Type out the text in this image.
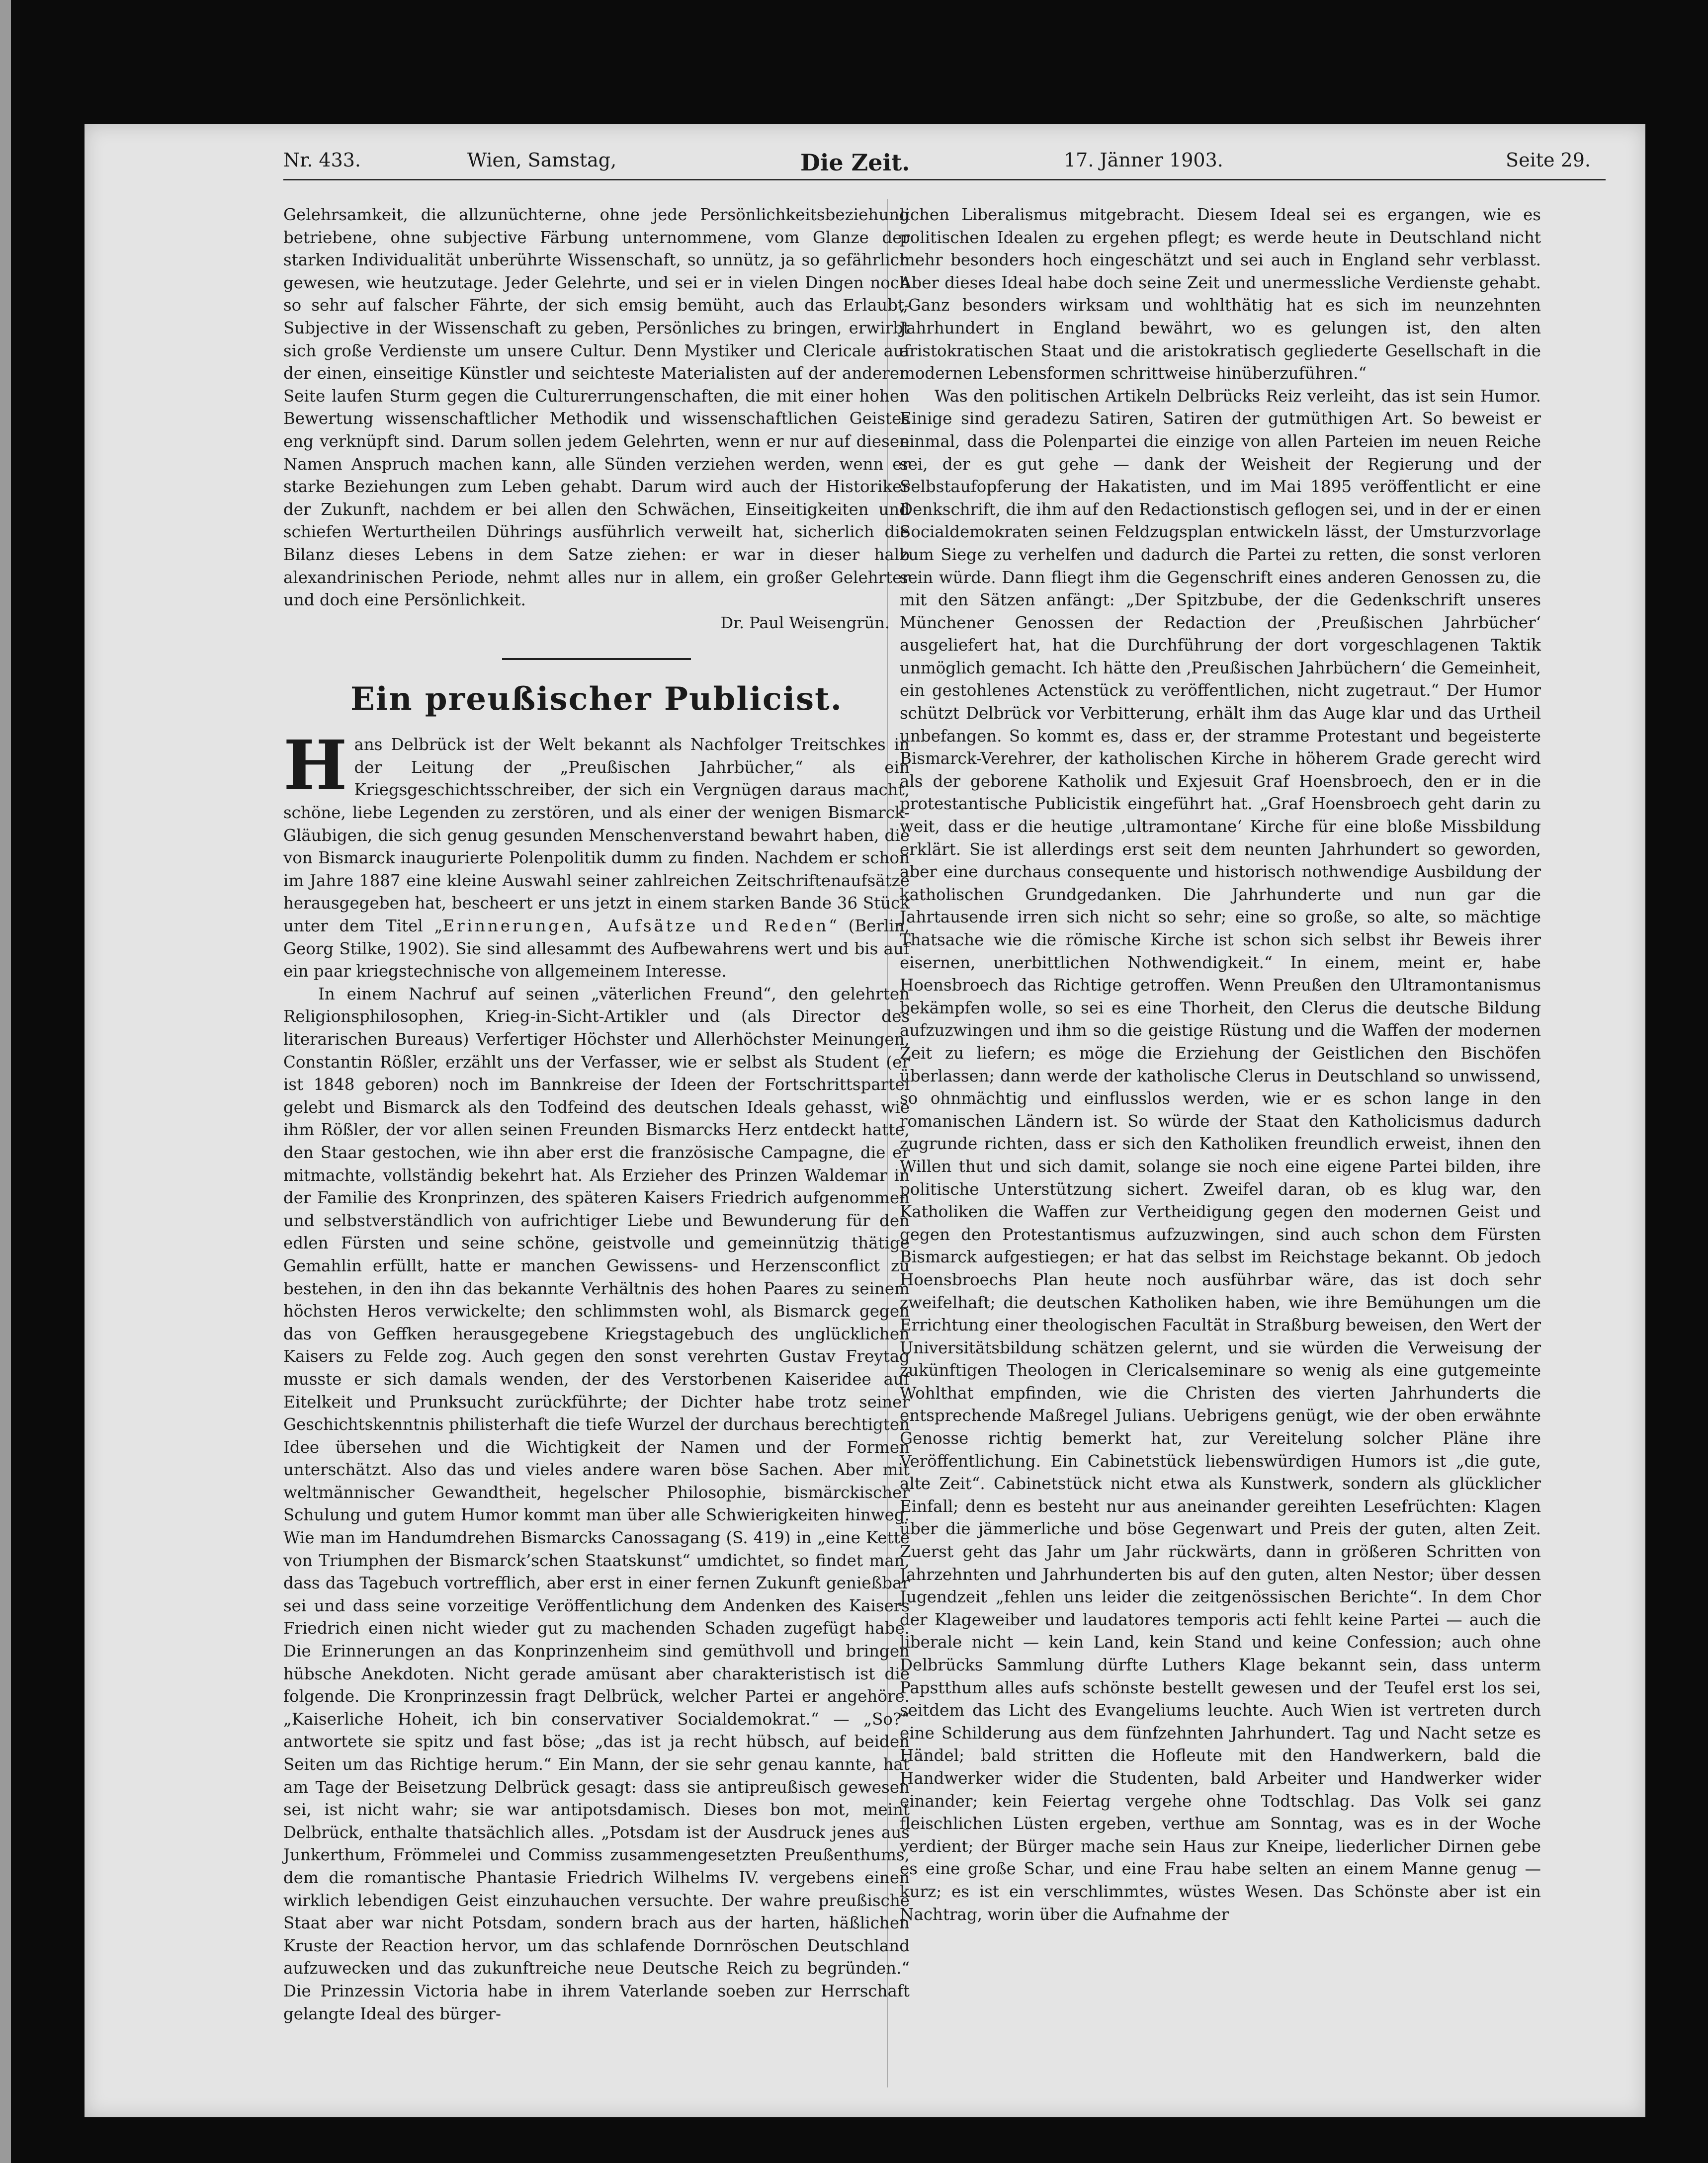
Nr. 433.	Wien, Samstag,	Die Zeit.	17. Jänner 1903.	Seite 29.

Gelehrsamkeit, die allzunüchterne, ohne jede Persönlichkeitsbeziehung betriebene, ohne subjective Färbung unternommene, vom Glanze der starken Individualität unberührte Wissenschaft, so unnütz, ja so gefährlich gewesen, wie heutzutage. Jeder Gelehrte, und sei er in vielen Dingen noch so sehr auf falscher Fährte, der sich emsig bemüht, auch das Erlaubt-Subjective in der Wissenschaft zu geben, Persönliches zu bringen, erwirbt sich große Verdienste um unsere Cultur. Denn Mystiker und Clericale auf der einen, einseitige Künstler und seichteste Materialisten auf der anderen Seite laufen Sturm gegen die Culturerrungenschaften, die mit einer hohen Bewertung wissenschaftlicher Methodik und wissenschaftlichen Geistes eng verknüpft sind. Darum sollen jedem Gelehrten, wenn er nur auf diesen Namen Anspruch machen kann, alle Sünden verziehen werden, wenn er starke Beziehungen zum Leben gehabt. Darum wird auch der Historiker der Zukunft, nachdem er bei allen den Schwächen, Einseitigkeiten und schiefen Werturtheilen Dührings ausführlich verweilt hat, sicherlich die Bilanz dieses Lebens in dem Satze ziehen: er war in dieser halb alexandrinischen Periode, nehmt alles nur in allem, ein großer Gelehrter und doch eine Persönlichkeit.

Dr. Paul Weisengrün.
Ein preußischer Publicist.

Hans Delbrück ist der Welt bekannt als Nachfolger Treitschkes in der Leitung der „Preußischen Jahrbücher,“ als ein Kriegsgeschichtsschreiber, der sich ein Vergnügen daraus macht, schöne, liebe Legenden zu zerstören, und als einer der wenigen Bismarck-Gläubigen, die sich genug gesunden Menschenverstand bewahrt haben, die von Bismarck inaugurierte Polenpolitik dumm zu finden. Nachdem er schon im Jahre 1887 eine kleine Auswahl seiner zahlreichen Zeitschriftenaufsätze herausgegeben hat, bescheert er uns jetzt in einem starken Bande 36 Stück unter dem Titel „Erinnerungen, Aufsätze und Reden“ (Berlin, Georg Stilke, 1902). Sie sind allesammt des Aufbewahrens wert und bis auf ein paar kriegstechnische von allgemeinem Interesse.

In einem Nachruf auf seinen „väterlichen Freund“, den gelehrten Religionsphilosophen, Krieg-in-Sicht-Artikler und (als Director des literarischen Bureaus) Verfertiger Höchster und Allerhöchster Meinungen, Constantin Rößler, erzählt uns der Verfasser, wie er selbst als Student (er ist 1848 geboren) noch im Bannkreise der Ideen der Fortschrittspartei gelebt und Bismarck als den Todfeind des deutschen Ideals gehasst, wie ihm Rößler, der vor allen seinen Freunden Bismarcks Herz entdeckt hatte, den Staar gestochen, wie ihn aber erst die französische Campagne, die er mitmachte, vollständig bekehrt hat. Als Erzieher des Prinzen Waldemar in der Familie des Kronprinzen, des späteren Kaisers Friedrich aufgenommen und selbstverständlich von aufrichtiger Liebe und Bewunderung für den edlen Fürsten und seine schöne, geistvolle und gemeinnützig thätige Gemahlin erfüllt, hatte er manchen Gewissens- und Herzensconflict zu bestehen, in den ihn das bekannte Verhältnis des hohen Paares zu seinem höchsten Heros verwickelte; den schlimmsten wohl, als Bismarck gegen das von Geffken herausgegebene Kriegstagebuch des unglücklichen Kaisers zu Felde zog. Auch gegen den sonst verehrten Gustav Freytag musste er sich damals wenden, der des Verstorbenen Kaiseridee auf Eitelkeit und Prunksucht zurückführte; der Dichter habe trotz seiner Geschichtskenntnis philisterhaft die tiefe Wurzel der durchaus berechtigten Idee übersehen und die Wichtigkeit der Namen und der Formen unterschätzt. Also das und vieles andere waren böse Sachen. Aber mit weltmännischer Gewandtheit, hegelscher Philosophie, bismärckischer Schulung und gutem Humor kommt man über alle Schwierigkeiten hinweg. Wie man im Handumdrehen Bismarcks Canossagang (S. 419) in „eine Kette von Triumphen der Bismarck’schen Staatskunst“ umdichtet, so findet man, dass das Tagebuch vortrefflich, aber erst in einer fernen Zukunft genießbar sei und dass seine vorzeitige Veröffentlichung dem Andenken des Kaisers Friedrich einen nicht wieder gut zu machenden Schaden zugefügt habe. Die Erinnerungen an das Konprinzenheim sind gemüthvoll und bringen hübsche Anekdoten. Nicht gerade amüsant aber charakteristisch ist die folgende. Die Kronprinzessin fragt Delbrück, welcher Partei er angehöre. „Kaiserliche Hoheit, ich bin conservativer Socialdemokrat.“ — „So?“ antwortete sie spitz und fast böse; „das ist ja recht hübsch, auf beiden Seiten um das Richtige herum.“ Ein Mann, der sie sehr genau kannte, hat am Tage der Beisetzung Delbrück gesagt: dass sie antipreußisch gewesen sei, ist nicht wahr; sie war antipotsdamisch. Dieses bon mot, meint Delbrück, enthalte thatsächlich alles. „Potsdam ist der Ausdruck jenes aus Junkerthum, Frömmelei und Commiss zusammengesetzten Preußenthums, dem die romantische Phantasie Friedrich Wilhelms IV. vergebens einen wirklich lebendigen Geist einzuhauchen versuchte. Der wahre preußische Staat aber war nicht Potsdam, sondern brach aus der harten, häßlichen Kruste der Reaction hervor, um das schlafende Dornröschen Deutschland aufzuwecken und das zukunftreiche neue Deutsche Reich zu begründen.“ Die Prinzessin Victoria habe in ihrem Vaterlande soeben zur Herrschaft gelangte Ideal des bürger-

lichen Liberalismus mitgebracht. Diesem Ideal sei es ergangen, wie es politischen Idealen zu ergehen pflegt; es werde heute in Deutschland nicht mehr besonders hoch eingeschätzt und sei auch in England sehr verblasst. Aber dieses Ideal habe doch seine Zeit und unermessliche Verdienste gehabt. „Ganz besonders wirksam und wohlthätig hat es sich im neunzehnten Jahrhundert in England bewährt, wo es gelungen ist, den alten aristokratischen Staat und die aristokratisch gegliederte Gesellschaft in die modernen Lebensformen schrittweise hinüberzuführen.“

Was den politischen Artikeln Delbrücks Reiz verleiht, das ist sein Humor. Einige sind geradezu Satiren, Satiren der gutmüthigen Art. So beweist er einmal, dass die Polenpartei die einzige von allen Parteien im neuen Reiche sei, der es gut gehe — dank der Weisheit der Regierung und der Selbstaufopferung der Hakatisten, und im Mai 1895 veröffentlicht er eine Denkschrift, die ihm auf den Redactionstisch geflogen sei, und in der er einen Socialdemokraten seinen Feldzugsplan entwickeln lässt, der Umsturzvorlage zum Siege zu verhelfen und dadurch die Partei zu retten, die sonst verloren sein würde. Dann fliegt ihm die Gegenschrift eines anderen Genossen zu, die mit den Sätzen anfängt: „Der Spitzbube, der die Gedenkschrift unseres Münchener Genossen der Redaction der ‚Preußischen Jahrbücher‘ ausgeliefert hat, hat die Durchführung der dort vorgeschlagenen Taktik unmöglich gemacht. Ich hätte den ‚Preußischen Jahrbüchern‘ die Gemeinheit, ein gestohlenes Actenstück zu veröffentlichen, nicht zugetraut.“ Der Humor schützt Delbrück vor Verbitterung, erhält ihm das Auge klar und das Urtheil unbefangen. So kommt es, dass er, der stramme Protestant und begeisterte Bismarck-Verehrer, der katholischen Kirche in höherem Grade gerecht wird als der geborene Katholik und Exjesuit Graf Hoensbroech, den er in die protestantische Publicistik eingeführt hat. „Graf Hoensbroech geht darin zu weit, dass er die heutige ‚ultramontane‘ Kirche für eine bloße Missbildung erklärt. Sie ist allerdings erst seit dem neunten Jahrhundert so geworden, aber eine durchaus consequente und historisch nothwendige Ausbildung der katholischen Grundgedanken. Die Jahrhunderte und nun gar die Jahrtausende irren sich nicht so sehr; eine so große, so alte, so mächtige Thatsache wie die römische Kirche ist schon sich selbst ihr Beweis ihrer eisernen, unerbittlichen Nothwendigkeit.“ In einem, meint er, habe Hoensbroech das Richtige getroffen. Wenn Preußen den Ultramontanismus bekämpfen wolle, so sei es eine Thorheit, den Clerus die deutsche Bildung aufzuzwingen und ihm so die geistige Rüstung und die Waffen der modernen Zeit zu liefern; es möge die Erziehung der Geistlichen den Bischöfen überlassen; dann werde der katholische Clerus in Deutschland so unwissend, so ohnmächtig und einflusslos werden, wie er es schon lange in den romanischen Ländern ist. So würde der Staat den Katholicismus dadurch zugrunde richten, dass er sich den Katholiken freundlich erweist, ihnen den Willen thut und sich damit, solange sie noch eine eigene Partei bilden, ihre politische Unterstützung sichert. Zweifel daran, ob es klug war, den Katholiken die Waffen zur Vertheidigung gegen den modernen Geist und gegen den Protestantismus aufzuzwingen, sind auch schon dem Fürsten Bismarck aufgestiegen; er hat das selbst im Reichstage bekannt. Ob jedoch Hoensbroechs Plan heute noch ausführbar wäre, das ist doch sehr zweifelhaft; die deutschen Katholiken haben, wie ihre Bemühungen um die Errichtung einer theologischen Facultät in Straßburg beweisen, den Wert der Universitätsbildung schätzen gelernt, und sie würden die Verweisung der zukünftigen Theologen in Clericalseminare so wenig als eine gutgemeinte Wohlthat empfinden, wie die Christen des vierten Jahrhunderts die entsprechende Maßregel Julians. Uebrigens genügt, wie der oben erwähnte Genosse richtig bemerkt hat, zur Vereitelung solcher Pläne ihre Veröffentlichung. Ein Cabinetstück liebenswürdigen Humors ist „die gute, alte Zeit“. Cabinetstück nicht etwa als Kunstwerk, sondern als glücklicher Einfall; denn es besteht nur aus aneinander gereihten Lesefrüchten: Klagen über die jämmerliche und böse Gegenwart und Preis der guten, alten Zeit. Zuerst geht das Jahr um Jahr rückwärts, dann in größeren Schritten von Jahrzehnten und Jahrhunderten bis auf den guten, alten Nestor; über dessen Jugendzeit „fehlen uns leider die zeitgenössischen Berichte“. In dem Chor der Klageweiber und laudatores temporis acti fehlt keine Partei — auch die liberale nicht — kein Land, kein Stand und keine Confession; auch ohne Delbrücks Sammlung dürfte Luthers Klage bekannt sein, dass unterm Papstthum alles aufs schönste bestellt gewesen und der Teufel erst los sei, seitdem das Licht des Evangeliums leuchte. Auch Wien ist vertreten durch eine Schilderung aus dem fünfzehnten Jahrhundert. Tag und Nacht setze es Händel; bald stritten die Hofleute mit den Handwerkern, bald die Handwerker wider die Studenten, bald Arbeiter und Handwerker wider einander; kein Feiertag vergehe ohne Todtschlag. Das Volk sei ganz fleischlichen Lüsten ergeben, verthue am Sonntag, was es in der Woche verdient; der Bürger mache sein Haus zur Kneipe, liederlicher Dirnen gebe es eine große Schar, und eine Frau habe selten an einem Manne genug — kurz; es ist ein verschlimmtes, wüstes Wesen. Das Schönste aber ist ein Nachtrag, worin über die Aufnahme der
